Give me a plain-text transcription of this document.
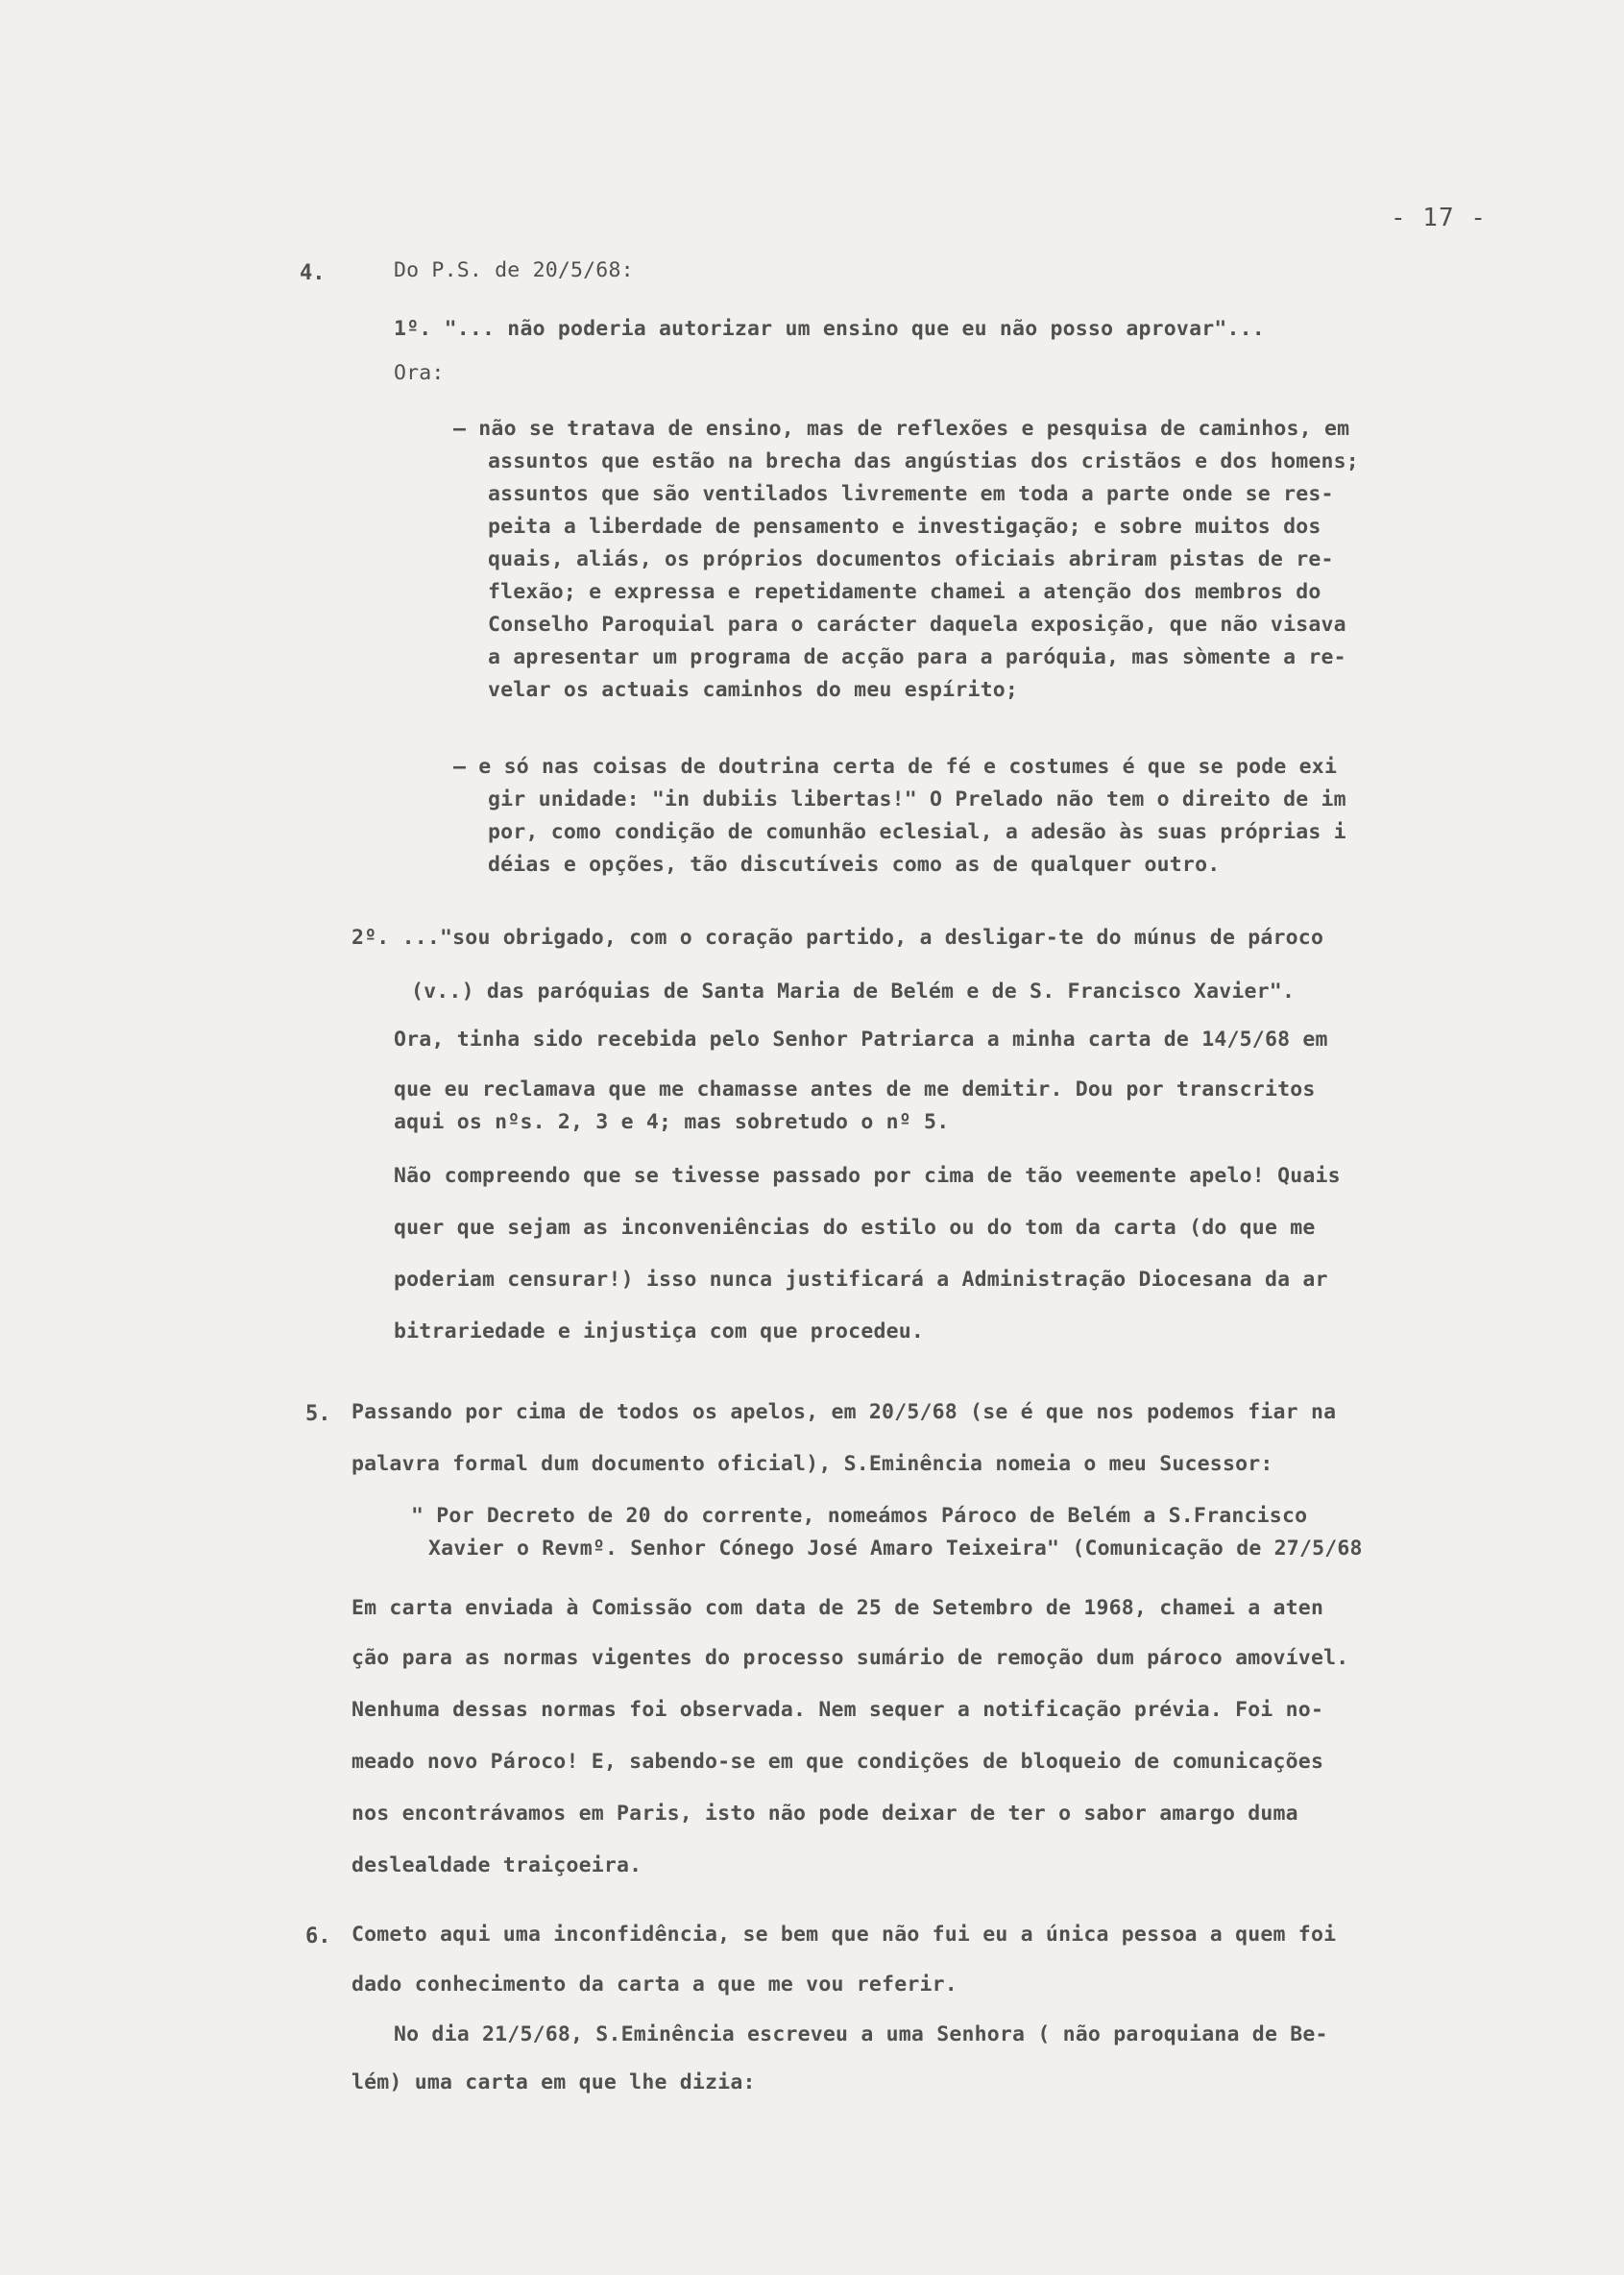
- 17 -
4.	Do P.S. de 20/5/68:
1º. "... não poderia autorizar um ensino que eu não posso aprovar"...
Ora:
– não se tratava de ensino, mas de reflexões e pesquisa de caminhos, em
assuntos que estão na brecha das angústias dos cristãos e dos homens;
assuntos que são ventilados livremente em toda a parte onde se res-
peita a liberdade de pensamento e investigação; e sobre muitos dos
quais, aliás, os próprios documentos oficiais abriram pistas de re-
flexão; e expressa e repetidamente chamei a atenção dos membros do
Conselho Paroquial para o carácter daquela exposição, que não visava
a apresentar um programa de acção para a paróquia, mas sòmente a re-
velar os actuais caminhos do meu espírito;
– e só nas coisas de doutrina certa de fé e costumes é que se pode exi
gir unidade: "in dubiis libertas!" O Prelado não tem o direito de im
por, como condição de comunhão eclesial, a adesão às suas próprias i
déias e opções, tão discutíveis como as de qualquer outro.
2º. ..."sou obrigado, com o coração partido, a desligar-te do múnus de pároco
(v..) das paróquias de Santa Maria de Belém e de S. Francisco Xavier".
Ora, tinha sido recebida pelo Senhor Patriarca a minha carta de 14/5/68 em
que eu reclamava que me chamasse antes de me demitir. Dou por transcritos
aqui os nºs. 2, 3 e 4; mas sobretudo o nº 5.
Não compreendo que se tivesse passado por cima de tão veemente apelo! Quais
quer que sejam as inconveniências do estilo ou do tom da carta (do que me
poderiam censurar!) isso nunca justificará a Administração Diocesana da ar
bitrariedade e injustiça com que procedeu.
5. Passando por cima de todos os apelos, em 20/5/68 (se é que nos podemos fiar na
palavra formal dum documento oficial), S.Eminência nomeia o meu Sucessor:
" Por Decreto de 20 do corrente, nomeámos Pároco de Belém a S.Francisco
Xavier o Revmº. Senhor Cónego José Amaro Teixeira" (Comunicação de 27/5/68
Em carta enviada à Comissão com data de 25 de Setembro de 1968, chamei a aten
ção para as normas vigentes do processo sumário de remoção dum pároco amovível.
Nenhuma dessas normas foi observada. Nem sequer a notificação prévia. Foi no-
meado novo Pároco! E, sabendo-se em que condições de bloqueio de comunicações
nos encontrávamos em Paris, isto não pode deixar de ter o sabor amargo duma
deslealdade traiçoeira.
6. Cometo aqui uma inconfidência, se bem que não fui eu a única pessoa a quem foi
dado conhecimento da carta a que me vou referir.
No dia 21/5/68, S.Eminência escreveu a uma Senhora ( não paroquiana de Be-
lém) uma carta em que lhe dizia:
